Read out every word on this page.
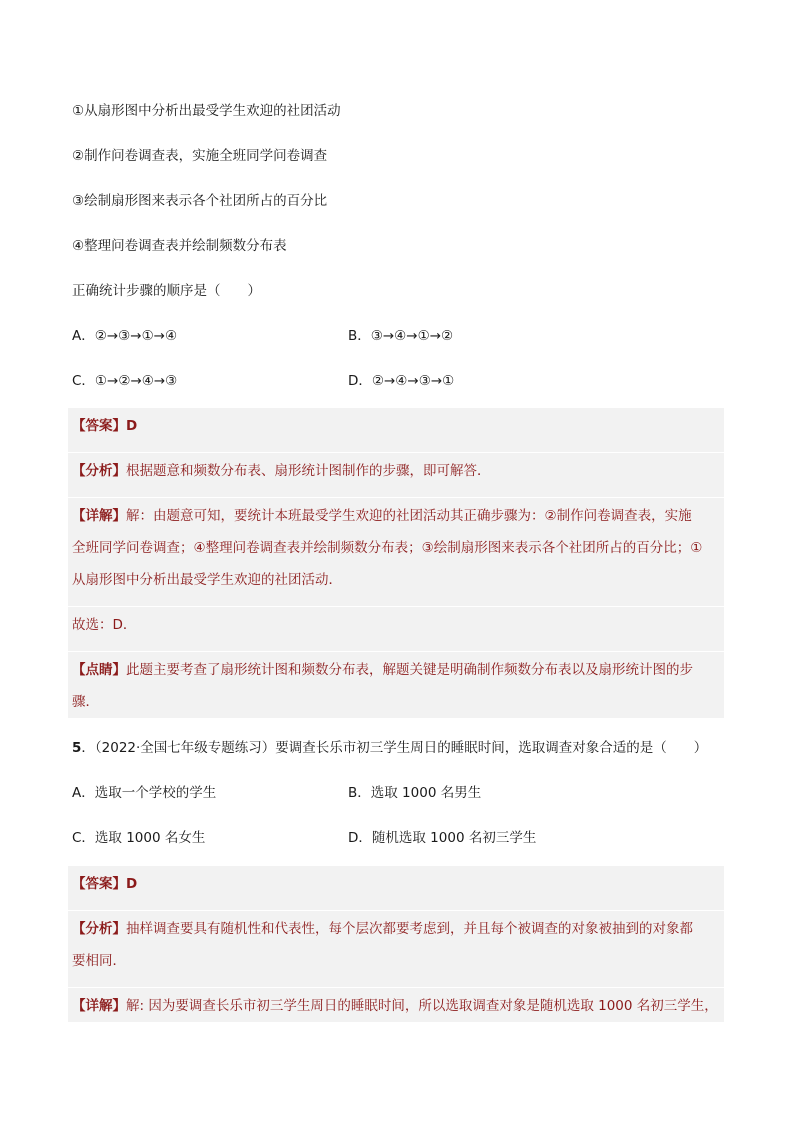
①从扇形图中分析出最受学生欢迎的社团活动
②制作问卷调查表，实施全班同学问卷调查
③绘制扇形图来表示各个社团所占的百分比
④整理问卷调查表并绘制频数分布表
正确统计步骤的顺序是（　　）
A．②→③→①→④	B．③→④→①→②
C．①→②→④→③	D．②→④→③→①
【答案】D
【分析】根据题意和频数分布表、扇形统计图制作的步骤，即可解答．
【详解】解：由题意可知，要统计本班最受学生欢迎的社团活动其正确步骤为：②制作问卷调查表，实施
全班同学问卷调查；④整理问卷调查表并绘制频数分布表；③绘制扇形图来表示各个社团所占的百分比；①
从扇形图中分析出最受学生欢迎的社团活动．
故选：D．
【点睛】此题主要考查了扇形统计图和频数分布表，解题关键是明确制作频数分布表以及扇形统计图的步
骤．
5．（2022·全国七年级专题练习）要调查长乐市初三学生周日的睡眠时间，选取调查对象合适的是（　　）
A．选取一个学校的学生	B．选取 1000 名男生
C．选取 1000 名女生	D．随机选取 1000 名初三学生
【答案】D
【分析】抽样调查要具有随机性和代表性，每个层次都要考虑到，并且每个被调查的对象被抽到的对象都
要相同．
【详解】解: 因为要调查长乐市初三学生周日的睡眠时间，所以选取调查对象是随机选取 1000 名初三学生，
